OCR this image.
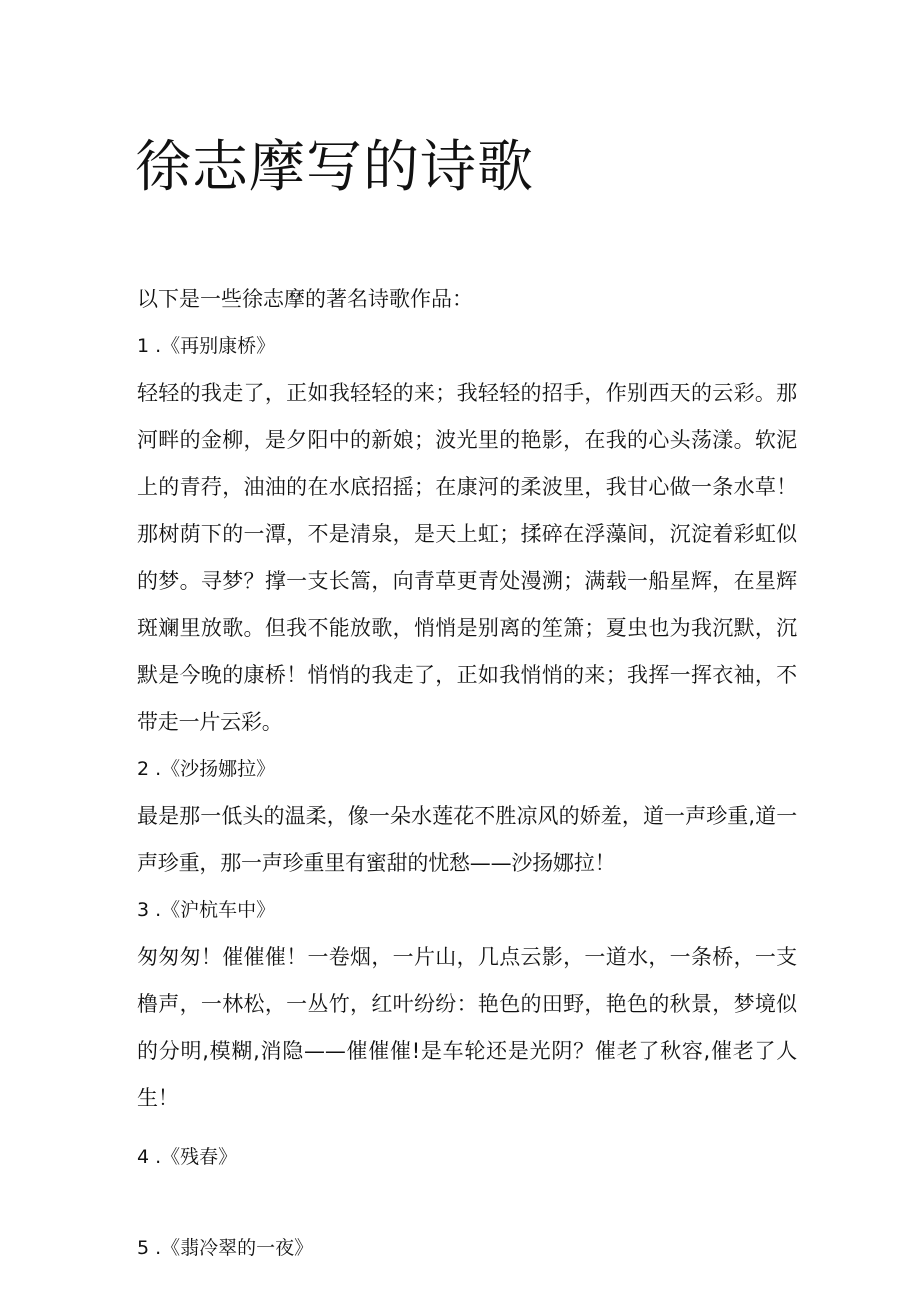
徐志摩写的诗歌

以下是一些徐志摩的著名诗歌作品：

1 .《再别康桥》

轻轻的我走了，正如我轻轻的来；我轻轻的招手，作别西天的云彩。那河畔的金柳，是夕阳中的新娘；波光里的艳影，在我的心头荡漾。软泥上的青荇，油油的在水底招摇；在康河的柔波里，我甘心做一条水草！那树荫下的一潭，不是清泉，是天上虹；揉碎在浮藻间，沉淀着彩虹似的梦。寻梦？撑一支长篙，向青草更青处漫溯；满载一船星辉，在星辉斑斓里放歌。但我不能放歌，悄悄是别离的笙箫；夏虫也为我沉默，沉默是今晚的康桥！悄悄的我走了，正如我悄悄的来；我挥一挥衣袖，不带走一片云彩。

2 .《沙扬娜拉》

最是那一低头的温柔，像一朵水莲花不胜凉风的娇羞，道一声珍重,道一声珍重，那一声珍重里有蜜甜的忧愁——沙扬娜拉！

3 .《沪杭车中》

匆匆匆！催催催！一卷烟，一片山，几点云影，一道水，一条桥，一支橹声，一林松，一丛竹，红叶纷纷：艳色的田野，艳色的秋景，梦境似的分明,模糊,消隐——催催催!是车轮还是光阴？催老了秋容,催老了人生！

4 .《残春》

5 .《翡冷翠的一夜》
